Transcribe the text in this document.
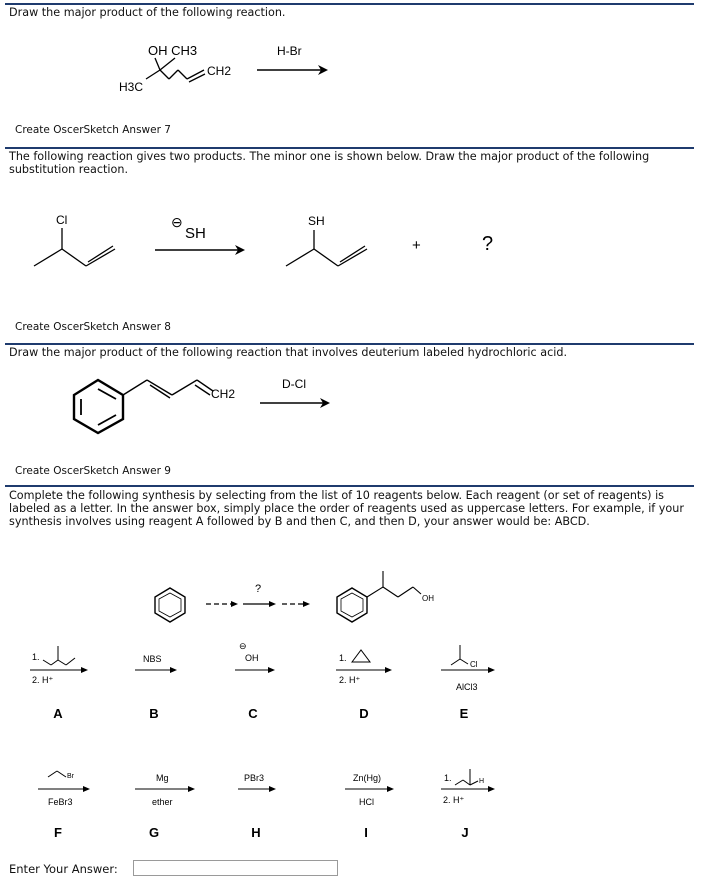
Draw the major product of the following reaction.
OH CH3
H3C
CH2
H-Br
Create OscerSketch Answer 7
The following reaction gives two products. The minor one is shown below. Draw the major product of the following substitution reaction.
Cl	⊖
SH
SH
+	?
Create OscerSketch Answer 8
Draw the major product of the following reaction that involves deuterium labeled hydrochloric acid.
CH2
D-Cl
Create OscerSketch Answer 9
Complete the following synthesis by selecting from the list of 10 reagents below. Each reagent (or set of reagents) is labeled as a letter. In the answer box, simply place the order of reagents used as uppercase letters. For example, if your synthesis involves using reagent A followed by B and then C, and then D, your answer would be: ABCD.
?
OH
1.
2. H⁺
NBS
⊖
OH	1.
2. H⁺
Cl
AlCl3
A	B	C	D	E
Br
FeBr3
Mg
ether
PBr3	Zn(Hg)
HCl
1.	H
2. H⁺
F	G	H	I	J
Enter Your Answer:
